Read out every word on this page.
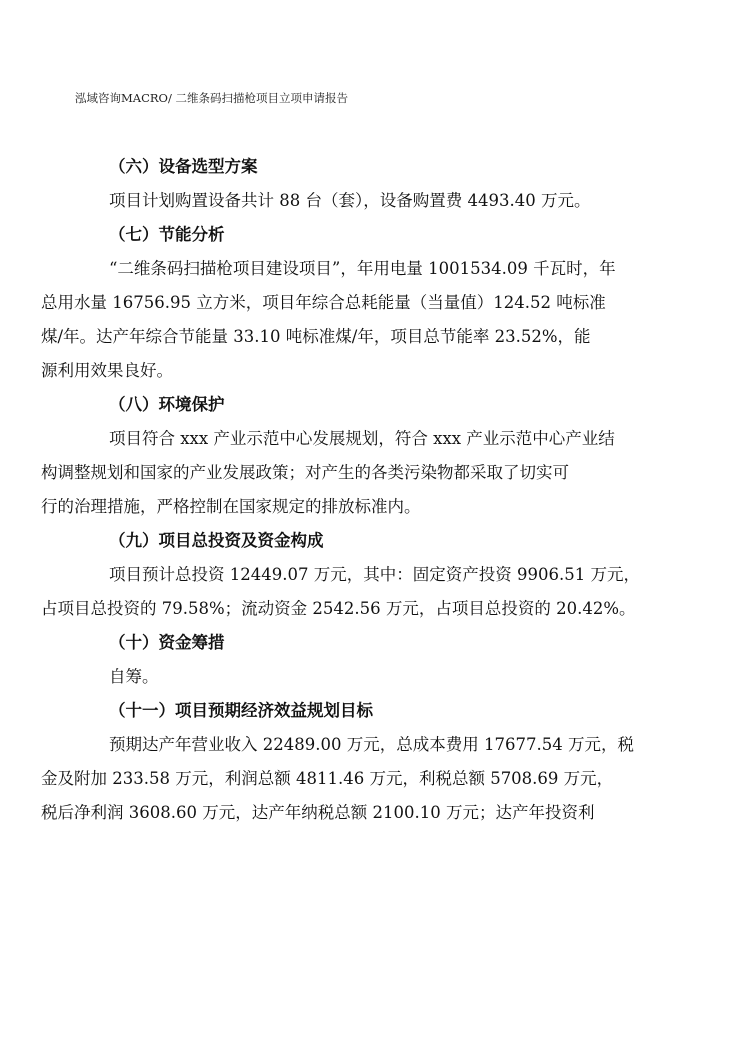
泓域咨询MACRO/ 二维条码扫描枪项目立项申请报告
（六）设备选型方案

项目计划购置设备共计 88 台（套），设备购置费 4493.40 万元。

（七）节能分析

“二维条码扫描枪项目建设项目”，年用电量 1001534.09 千瓦时，年
总用水量 16756.95 立方米，项目年综合总耗能量（当量值）124.52 吨标准
煤/年。达产年综合节能量 33.10 吨标准煤/年，项目总节能率 23.52%，能
源利用效果良好。

（八）环境保护

项目符合 xxx 产业示范中心发展规划，符合 xxx 产业示范中心产业结
构调整规划和国家的产业发展政策；对产生的各类污染物都采取了切实可
行的治理措施，严格控制在国家规定的排放标准内。

（九）项目总投资及资金构成

项目预计总投资 12449.07 万元，其中：固定资产投资 9906.51 万元，
占项目总投资的 79.58%；流动资金 2542.56 万元，占项目总投资的 20.42%。

（十）资金筹措

自筹。

（十一）项目预期经济效益规划目标

预期达产年营业收入 22489.00 万元，总成本费用 17677.54 万元，税
金及附加 233.58 万元，利润总额 4811.46 万元，利税总额 5708.69 万元，
税后净利润 3608.60 万元，达产年纳税总额 2100.10 万元；达产年投资利
